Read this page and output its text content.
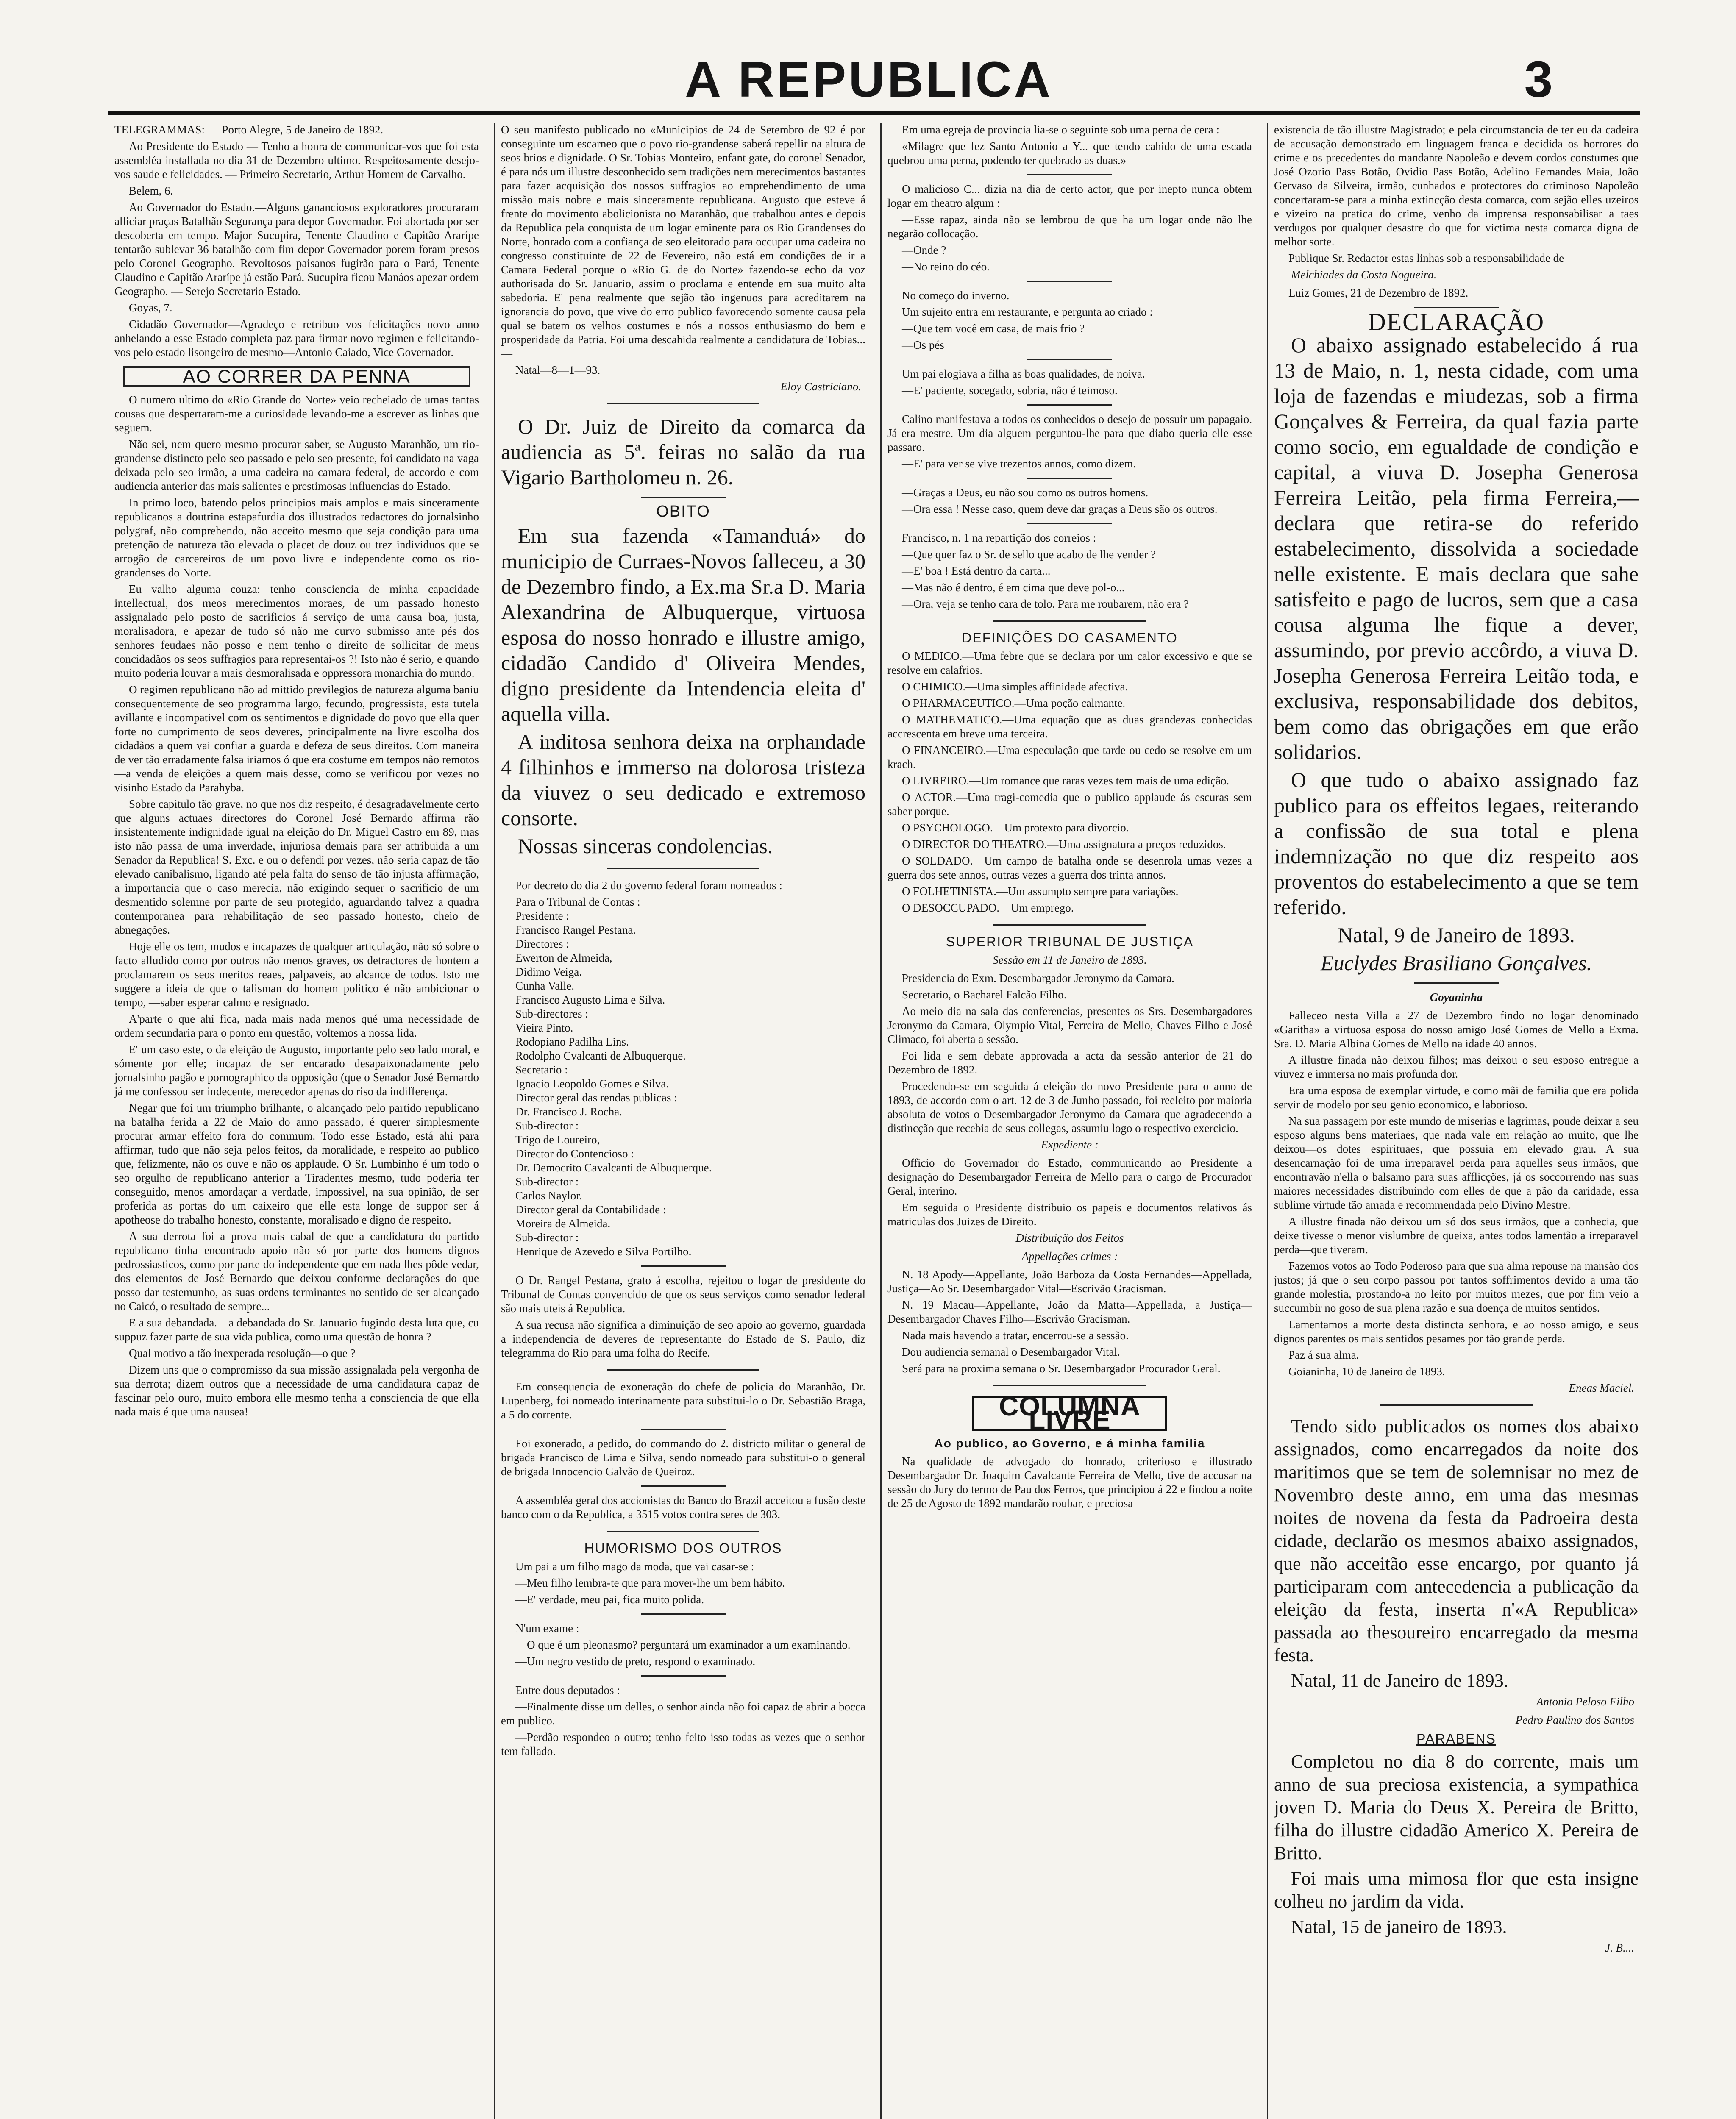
A REPUBLICA	3

TELEGRAMMAS: — Porto Alegre, 5 de Janeiro de 1892.

Ao Presidente do Estado — Tenho a honra de communicar-vos que foi esta assembléa installada no dia 31 de Dezembro ultimo. Respeitosamente desejo-vos saude e felicidades. — Primeiro Secretario, Arthur Homem de Carvalho.

Belem, 6.

Ao Governador do Estado.—Alguns gananciosos exploradores procuraram alliciar praças Batalhão Segurança para depor Governador. Foi abortada por ser descoberta em tempo. Major Sucupira, Tenente Claudino e Capitão Ararípe tentarão sublevar 36 batalhão com fim depor Governador porem foram presos pelo Coronel Geographo. Revoltosos paisanos fugirão para o Pará, Tenente Claudino e Capitão Ararípe já estão Pará. Sucupira ficou Manáos apezar ordem Geographo. — Serejo Secretario Estado.

Goyas, 7.

Cidadão Governador—Agradeço e retribuo vos felicitações novo anno anhelando a esse Estado completa paz para firmar novo regimen e felicitando-vos pelo estado lisongeiro de mesmo—Antonio Caiado, Vice Governador.

AO CORRER DA PENNA

O numero ultimo do «Rio Grande do Norte» veio recheiado de umas tantas cousas que despertaram-me a curiosidade levando-me a escrever as linhas que seguem.

Não sei, nem quero mesmo procurar saber, se Augusto Maranhão, um rio-grandense distincto pelo seo passado e pelo seo presente, foi candidato na vaga deixada pelo seo irmão, a uma cadeira na camara federal, de accordo e com audiencia anterior das mais salientes e prestimosas influencias do Estado.

In primo loco, batendo pelos principios mais amplos e mais sinceramente republicanos a doutrina estapafurdia dos illustrados redactores do jornalsinho polygraf, não comprehendo, não acceito mesmo que seja condição para uma pretenção de natureza tão elevada o placet de douz ou trez individuos que se arrogão de carcereiros de um povo livre e independente como os rio-grandenses do Norte.

Eu valho alguma couza: tenho consciencia de minha capacidade intellectual, dos meos merecimentos moraes, de um passado honesto assignalado pelo posto de sacrificios á serviço de uma causa boa, justa, moralisadora, e apezar de tudo só não me curvo submisso ante pés dos senhores feudaes não posso e nem tenho o direito de sollicitar de meus concidadãos os seos suffragios para representai-os ?! Isto não é serio, e quando muito poderia louvar a mais desmoralisada e oppressora monarchia do mundo.

O regimen republicano não ad mittido previlegios de natureza alguma baniu consequentemente de seo programma largo, fecundo, progressista, esta tutela avillante e incompativel com os sentimentos e dignidade do povo que ella quer forte no cumprimento de seos deveres, principalmente na livre escolha dos cidadãos a quem vai confiar a guarda e defeza de seus direitos. Com maneira de ver tão erradamente falsa iriamos ó que era costume em tempos não remotos—a venda de eleições a quem mais desse, como se verificou por vezes no visinho Estado da Parahyba.

Sobre capitulo tão grave, no que nos diz respeito, é desagradavelmente certo que alguns actuaes directores do Coronel José Bernardo affirma rão insistentemente indignidade igual na eleição do Dr. Miguel Castro em 89, mas isto não passa de uma inverdade, injuriosa demais para ser attribuida a um Senador da Republica! S. Exc. e ou o defendi por vezes, não seria capaz de tão elevado canibalismo, ligando até pela falta do senso de tão injusta affirmação, a importancia que o caso merecia, não exigindo sequer o sacrificio de um desmentido solemne por parte de seu protegido, aguardando talvez a quadra contemporanea para rehabilitação de seo passado honesto, cheio de abnegações.

Hoje elle os tem, mudos e incapazes de qualquer articulação, não só sobre o facto alludido como por outros não menos graves, os detractores de hontem a proclamarem os seos meritos reaes, palpaveis, ao alcance de todos. Isto me suggere a ideia de que o talisman do homem politico é não ambicionar o tempo, —saber esperar calmo e resignado.

A'parte o que ahi fica, nada mais nada menos qué uma necessidade de ordem secundaria para o ponto em questão, voltemos a nossa lida.

E' um caso este, o da eleição de Augusto, importante pelo seo lado moral, e sómente por elle; incapaz de ser encarado desapaixonadamente pelo jornalsinho pagão e pornographico da opposição (que o Senador José Bernardo já me confessou ser indecente, merecedor apenas do riso da indifferença.

Negar que foi um triumpho brilhante, o alcançado pelo partido republicano na batalha ferida a 22 de Maio do anno passado, é querer simplesmente procurar armar effeito fora do commum. Todo esse Estado, está ahi para affirmar, tudo que não seja pelos feitos, da moralidade, e respeito ao publico que, felizmente, não os ouve e não os applaude. O Sr. Lumbinho é um todo o seo orgulho de republicano anterior a Tiradentes mesmo, tudo poderia ter conseguido, menos amordaçar a verdade, impossivel, na sua opinião, de ser proferida as portas do um caixeiro que elle esta longe de suppor ser á apotheose do trabalho honesto, constante, moralisado e digno de respeito.

A sua derrota foi a prova mais cabal de que a candidatura do partido republicano tinha encontrado apoio não só por parte dos homens dignos pedrossiasticos, como por parte do independente que em nada lhes pôde vedar, dos elementos de José Bernardo que deixou conforme declarações do que posso dar testemunho, as suas ordens terminantes no sentido de ser alcançado no Caicó, o resultado de sempre...

E a sua debandada.—a debandada do Sr. Januario fugindo desta luta que, cu suppuz fazer parte de sua vida publica, como uma questão de honra ?

Qual motivo a tão inexperada resolução—o que ?

Dizem uns que o compromisso da sua missão assignalada pela vergonha de sua derrota; dizem outros que a necessidade de uma candidatura capaz de fascinar pelo ouro, muito embora elle mesmo tenha a consciencia de que ella nada mais é que uma nausea!

O seu manifesto publicado no «Municipios de 24 de Setembro de 92 é por conseguinte um escarneo que o povo rio-grandense saberá repellir na altura de seos brios e dignidade. O Sr. Tobias Monteiro, enfant gate, do coronel Senador, é para nós um illustre desconhecido sem tradições nem merecimentos bastantes para fazer acquisição dos nossos suffragios ao emprehendimento de uma missão mais nobre e mais sinceramente republicana. Augusto que esteve á frente do movimento abolicionista no Maranhão, que trabalhou antes e depois da Republica pela conquista de um logar eminente para os Rio Grandenses do Norte, honrado com a confiança de seo eleitorado para occupar uma cadeira no congresso constituinte de 22 de Fevereiro, não está em condições de ir a Camara Federal porque o «Rio G. de do Norte» fazendo-se echo da voz authorisada do Sr. Januario, assim o proclama e entende em sua muito alta sabedoria. E' pena realmente que sejão tão ingenuos para acreditarem na ignorancia do povo, que vive do erro publico favorecendo somente causa pela qual se batem os velhos costumes e nós a nossos enthusiasmo do bem e prosperidade da Patria. Foi uma descahida realmente a candidatura de Tobias...—

Natal—8—1—93.

Eloy Castriciano.

O Dr. Juiz de Direito da comarca da audiencia as 5ª. feiras no salão da rua Vigario Bartholomeu n. 26.

OBITO

Em sua fazenda «Tamanduá» do municipio de Curraes-Novos falleceu, a 30 de Dezembro findo, a Ex.ma Sr.a D. Maria Alexandrina de Albuquerque, virtuosa esposa do nosso honrado e illustre amigo, cidadão Candido d' Oliveira Mendes, digno presidente da Intendencia eleita d' aquella villa.

A inditosa senhora deixa na orphandade 4 filhinhos e immerso na dolorosa tristeza da viuvez o seu dedicado e extremoso consorte.

Nossas sinceras condolencias.

Por decreto do dia 2 do governo federal foram nomeados :

Para o Tribunal de Contas :
Presidente :
Francisco Rangel Pestana.
Directores :
Ewerton de Almeida,
Didimo Veiga.
Cunha Valle.
Francisco Augusto Lima e Silva.
Sub-directores :
Vieira Pinto.
Rodopiano Padilha Lins.
Rodolpho Cvalcanti de Albuquerque.
Secretario :
Ignacio Leopoldo Gomes e Silva.
Director geral das rendas publicas :
Dr. Francisco J. Rocha.
Sub-director :
Trigo de Loureiro,
Director do Contencioso :
Dr. Democrito Cavalcanti de Albuquerque.
Sub-director :
Carlos Naylor.
Director geral da Contabilidade :
Moreira de Almeida.
Sub-director :
Henrique de Azevedo e Silva Portilho.

O Dr. Rangel Pestana, grato á escolha, rejeitou o logar de presidente do Tribunal de Contas convencido de que os seus serviços como senador federal são mais uteis á Republica.

A sua recusa não significa a diminuição de seo apoio ao governo, guardada a independencia de deveres de representante do Estado de S. Paulo, diz telegramma do Rio para uma folha do Recife.

Em consequencia de exoneração do chefe de policia do Maranhão, Dr. Lupenberg, foi nomeado interinamente para substitui-lo o Dr. Sebastião Braga, a 5 do corrente.

Foi exonerado, a pedido, do commando do 2. districto militar o general de brigada Francisco de Lima e Silva, sendo nomeado para substitui-o o general de brigada Innocencio Galvão de Queiroz.

A assembléa geral dos accionistas do Banco do Brazil acceitou a fusão deste banco com o da Republica, a 3515 votos contra seres de 303.

HUMORISMO DOS OUTROS

Um pai a um filho mago da moda, que vai casar-se :

—Meu filho lembra-te que para mover-lhe um bem hábito.

—E' verdade, meu pai, fica muito polida.

N'um exame :

—O que é um pleonasmo? perguntará um examinador a um examinando.

—Um negro vestido de preto, respond o examinado.

Entre dous deputados :

—Finalmente disse um delles, o senhor ainda não foi capaz de abrir a bocca em publico.

—Perdão respondeo o outro; tenho feito isso todas as vezes que o senhor tem fallado.

Em uma egreja de provincia lia-se o seguinte sob uma perna de cera :

«Milagre que fez Santo Antonio a Y... que tendo cahido de uma escada quebrou uma perna, podendo ter quebrado as duas.»

O malicioso C... dizia na dia de certo actor, que por inepto nunca obtem logar em theatro algum :

—Esse rapaz, ainda não se lembrou de que ha um logar onde não lhe negarão collocação.

—Onde ?

—No reino do céo.

No começo do inverno.

Um sujeito entra em restaurante, e pergunta ao criado :

—Que tem você em casa, de mais frio ?

—Os pés

Um pai elogiava a filha as boas qualidades, de noiva.

—E' paciente, socegado, sobria, não é teimoso.

Calino manifestava a todos os conhecidos o desejo de possuir um papagaio. Já era mestre. Um dia alguem perguntou-lhe para que diabo queria elle esse passaro.

—E' para ver se vive trezentos annos, como dizem.

—Graças a Deus, eu não sou como os outros homens.

—Ora essa ! Nesse caso, quem deve dar graças a Deus são os outros.

Francisco, n. 1 na repartição dos correios :

—Que quer faz o Sr. de sello que acabo de lhe vender ?

—E' boa ! Está dentro da carta...

—Mas não é dentro, é em cima que deve pol-o...

—Ora, veja se tenho cara de tolo. Para me roubarem, não era ?

DEFINIÇÕES DO CASAMENTO

O MEDICO.—Uma febre que se declara por um calor excessivo e que se resolve em calafrios.

O CHIMICO.—Uma simples affinidade afectiva.

O PHARMACEUTICO.—Uma poção calmante.

O MATHEMATICO.—Uma equação que as duas grandezas conhecidas accrescenta em breve uma terceira.

O FINANCEIRO.—Uma especulação que tarde ou cedo se resolve em um krach.

O LIVREIRO.—Um romance que raras vezes tem mais de uma edição.

O ACTOR.—Uma tragi-comedia que o publico applaude ás escuras sem saber porque.

O PSYCHOLOGO.—Um protexto para divorcio.

O DIRECTOR DO THEATRO.—Uma assignatura a preços reduzidos.

O SOLDADO.—Um campo de batalha onde se desenrola umas vezes a guerra dos sete annos, outras vezes a guerra dos trinta annos.

O FOLHETINISTA.—Um assumpto sempre para variações.

O DESOCCUPADO.—Um emprego.

SUPERIOR TRIBUNAL DE JUSTIÇA
Sessão em 11 de Janeiro de 1893.

Presidencia do Exm. Desembargador Jeronymo da Camara.

Secretario, o Bacharel Falcão Filho.

Ao meio dia na sala das conferencias, presentes os Srs. Desembargadores Jeronymo da Camara, Olympio Vital, Ferreira de Mello, Chaves Filho e José Climaco, foi aberta a sessão.

Foi lida e sem debate approvada a acta da sessão anterior de 21 do Dezembro de 1892.

Procedendo-se em seguida á eleição do novo Presidente para o anno de 1893, de accordo com o art. 12 de 3 de Junho passado, foi reeleito por maioria absoluta de votos o Desembargador Jeronymo da Camara que agradecendo a distincção que recebia de seus collegas, assumiu logo o respectivo exercicio.

Expediente :

Officio do Governador do Estado, communicando ao Presidente a designação do Desembargador Ferreira de Mello para o cargo de Procurador Geral, interino.

Em seguida o Presidente distribuio os papeis e documentos relativos ás matriculas dos Juizes de Direito.

Distribuição dos Feitos
Appellações crimes :

N. 18 Apody—Appellante, João Barboza da Costa Fernandes—Appellada, Justiça—Ao Sr. Desembargador Vital—Escrivão Gracisman.

N. 19 Macau—Appellante, João da Matta—Appellada, a Justiça—Desembargador Chaves Filho—Escrivão Gracisman.

Nada mais havendo a tratar, encerrou-se a sessão.

Dou audiencia semanal o Desembargador Vital.

Será para na proxima semana o Sr. Desembargador Procurador Geral.

COLUMNA LIVRE
Ao publico, ao Governo, e á minha familia

Na qualidade de advogado do honrado, criterioso e illustrado Desembargador Dr. Joaquim Cavalcante Ferreira de Mello, tive de accusar na sessão do Jury do termo de Pau dos Ferros, que principiou á 22 e findou a noite de 25 de Agosto de 1892 mandarão roubar, e preciosa

existencia de tão illustre Magistrado; e pela circumstancia de ter eu da cadeira de accusação demonstrado em linguagem franca e decidida os horrores do crime e os precedentes do mandante Napoleão e devem cordos constumes que José Ozorio Pass Botão, Ovidio Pass Botão, Adelino Fernandes Maia, João Gervaso da Silveira, irmão, cunhados e protectores do criminoso Napoleão concertaram-se para a minha extincção desta comarca, com sejão elles uzeiros e vizeiro na pratica do crime, venho da imprensa responsabilisar a taes verdugos por qualquer desastre do que for victima nesta comarca digna de melhor sorte.

Publique Sr. Redactor estas linhas sob a responsabilidade de

Melchiades da Costa Nogueira.

Luiz Gomes, 21 de Dezembro de 1892.

DECLARAÇÃO

O abaixo assignado estabelecido á rua 13 de Maio, n. 1, nesta cidade, com uma loja de fazendas e miudezas, sob a firma Gonçalves & Ferreira, da qual fazia parte como socio, em egualdade de condição e capital, a viuva D. Josepha Generosa Ferreira Leitão, pela firma Ferreira,—declara que retira-se do referido estabelecimento, dissolvida a sociedade nelle existente. E mais declara que sahe satisfeito e pago de lucros, sem que a casa cousa alguma lhe fique a dever, assumindo, por previo accôrdo, a viuva D. Josepha Generosa Ferreira Leitão toda, e exclusiva, responsabilidade dos debitos, bem como das obrigações em que erão solidarios.

O que tudo o abaixo assignado faz publico para os effeitos legaes, reiterando a confissão de sua total e plena indemnização no que diz respeito aos proventos do estabelecimento a que se tem referido.

Natal, 9 de Janeiro de 1893.

Euclydes Brasiliano Gonçalves.

Goyaninha

Falleceo nesta Villa a 27 de Dezembro findo no logar denominado «Garitha» a virtuosa esposa do nosso amigo José Gomes de Mello a Exma. Sra. D. Maria Albina Gomes de Mello na idade 40 annos.

A illustre finada não deixou filhos; mas deixou o seu esposo entregue a viuvez e immersa no mais profunda dor.

Era uma esposa de exemplar virtude, e como mãi de familia que era polida servir de modelo por seu genio economico, e laborioso.

Na sua passagem por este mundo de miserias e lagrimas, poude deixar a seu esposo alguns bens materiaes, que nada vale em relação ao muito, que lhe deixou—os dotes espirituaes, que possuia em elevado grau. A sua desencarnação foi de uma irreparavel perda para aquelles seus irmãos, que encontravão n'ella o balsamo para suas afflicções, já os soccorrendo nas suas maiores necessidades distribuindo com elles de que a pão da caridade, essa sublime virtude tão amada e recommendada pelo Divino Mestre.

A illustre finada não deixou um só dos seus irmãos, que a conhecia, que deixe tivesse o menor vislumbre de queixa, antes todos lamentão a irreparavel perda—que tiveram.

Fazemos votos ao Todo Poderoso para que sua alma repouse na mansão dos justos; já que o seu corpo passou por tantos soffrimentos devido a uma tão grande molestia, prostando-a no leito por muitos mezes, que por fim veio a succumbir no goso de sua plena razão e sua doença de muitos sentidos.

Lamentamos a morte desta distincta senhora, e ao nosso amigo, e seus dignos parentes os mais sentidos pesames por tão grande perda.

Paz á sua alma.

Goianinha, 10 de Janeiro de 1893.

Eneas Maciel.

Tendo sido publicados os nomes dos abaixo assignados, como encarregados da noite dos maritimos que se tem de solemnisar no mez de Novembro deste anno, em uma das mesmas noites de novena da festa da Padroeira desta cidade, declarão os mesmos abaixo assignados, que não acceitão esse encargo, por quanto já participaram com antecedencia a publicação da eleição da festa, inserta n'«A Republica» passada ao thesoureiro encarregado da mesma festa.

Natal, 11 de Janeiro de 1893.

Antonio Peloso Filho
Pedro Paulino dos Santos
PARABENS

Completou no dia 8 do corrente, mais um anno de sua preciosa existencia, a sympathica joven D. Maria do Deus X. Pereira de Britto, filha do illustre cidadão Americo X. Pereira de Britto.

Foi mais uma mimosa flor que esta insigne colheu no jardim da vida.

Natal, 15 de janeiro de 1893.

J. B....
